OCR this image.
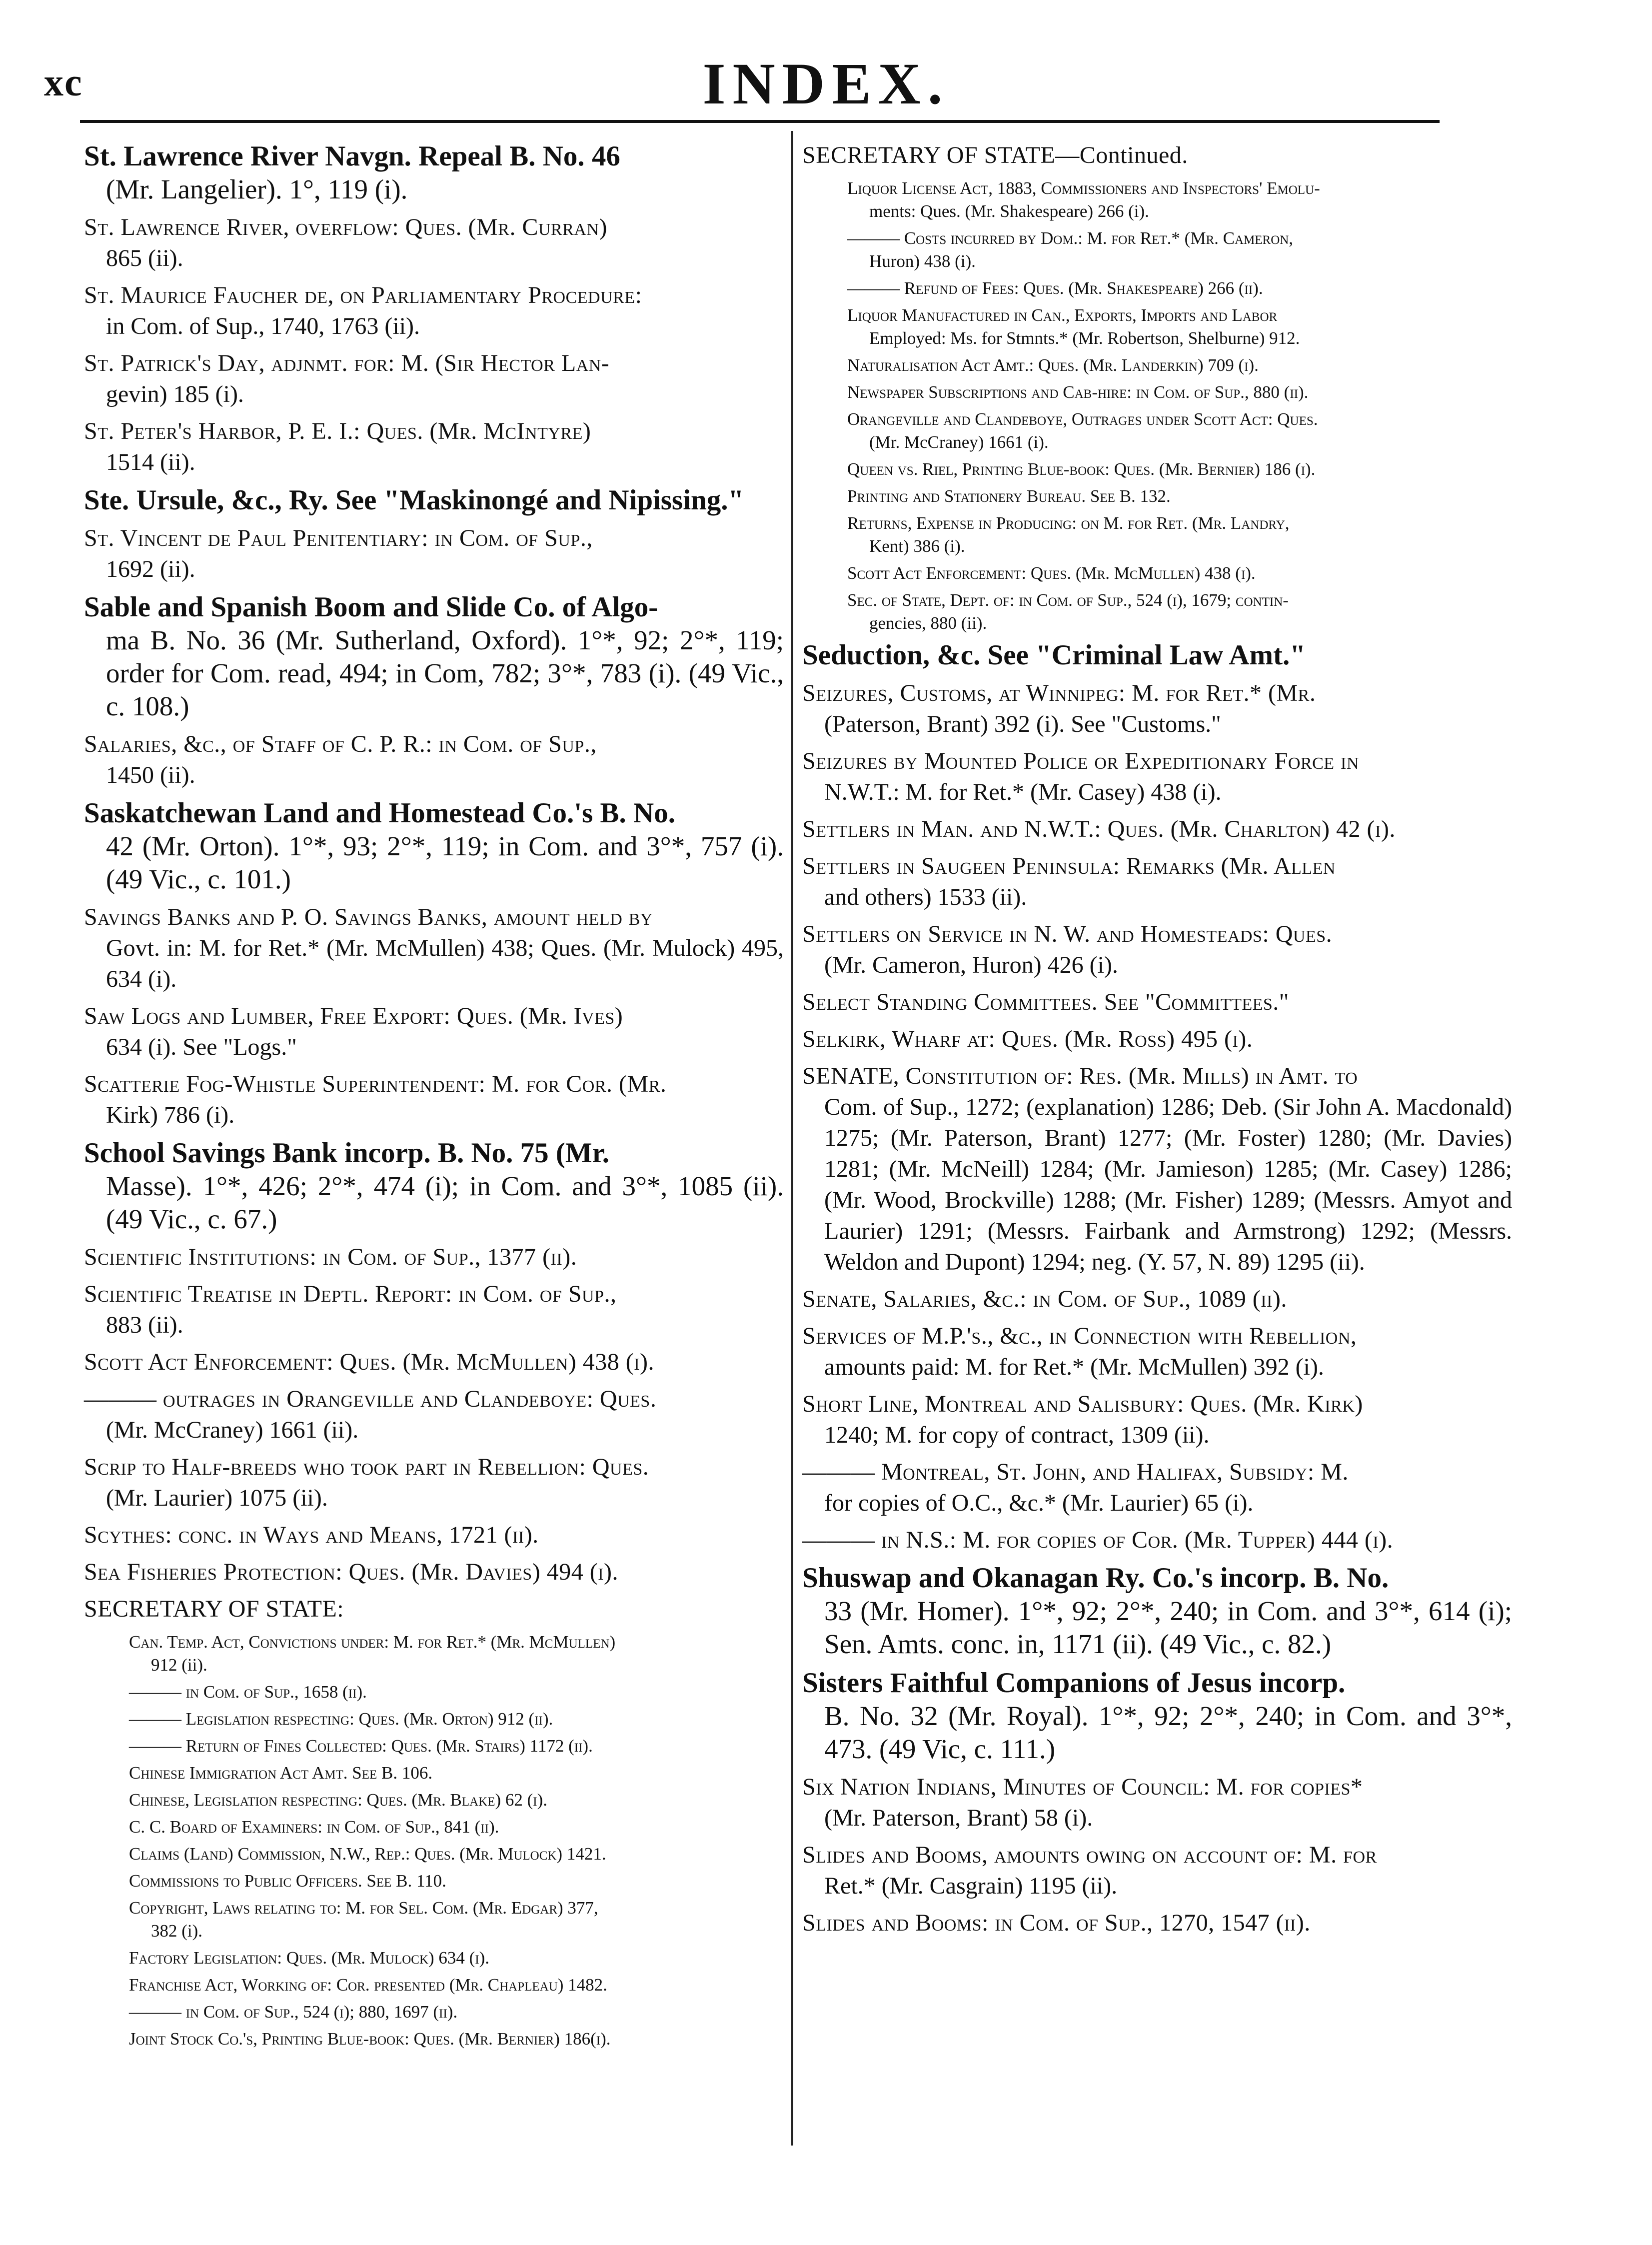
xc	INDEX.
St. Lawrence River Navgn. Repeal B. No. 46
(Mr. Langelier). 1°, 119 (i).
St. Lawrence River, overflow: Ques. (Mr. Curran)
865 (ii).
St. Maurice Faucher de, on Parliamentary Procedure:
in Com. of Sup., 1740, 1763 (ii).
St. Patrick's Day, adjnmt. for: M. (Sir Hector Lan-
gevin) 185 (i).
St. Peter's Harbor, P. E. I.: Ques. (Mr. McIntyre)
1514 (ii).
Ste. Ursule, &c., Ry. See "Maskinongé and Nipissing."
St. Vincent de Paul Penitentiary: in Com. of Sup.,
1692 (ii).
Sable and Spanish Boom and Slide Co. of Algo-
ma B. No. 36 (Mr. Sutherland, Oxford). 1°*, 92; 2°*, 119; order for Com. read, 494; in Com, 782; 3°*, 783 (i). (49 Vic., c. 108.)
Salaries, &c., of Staff of C. P. R.: in Com. of Sup.,
1450 (ii).
Saskatchewan Land and Homestead Co.'s B. No.
42 (Mr. Orton). 1°*, 93; 2°*, 119; in Com. and 3°*, 757 (i). (49 Vic., c. 101.)
Savings Banks and P. O. Savings Banks, amount held by
Govt. in: M. for Ret.* (Mr. McMullen) 438; Ques. (Mr. Mulock) 495, 634 (i).
Saw Logs and Lumber, Free Export: Ques. (Mr. Ives)
634 (i). See "Logs."
Scatterie Fog-Whistle Superintendent: M. for Cor. (Mr.
Kirk) 786 (i).
School Savings Bank incorp. B. No. 75 (Mr.
Masse). 1°*, 426; 2°*, 474 (i); in Com. and 3°*, 1085 (ii). (49 Vic., c. 67.)
Scientific Institutions: in Com. of Sup., 1377 (ii).
Scientific Treatise in Deptl. Report: in Com. of Sup.,
883 (ii).
Scott Act Enforcement: Ques. (Mr. McMullen) 438 (i).
——— outrages in Orangeville and Clandeboye: Ques.
(Mr. McCraney) 1661 (ii).
Scrip to Half-breeds who took part in Rebellion: Ques.
(Mr. Laurier) 1075 (ii).
Scythes: conc. in Ways and Means, 1721 (ii).
Sea Fisheries Protection: Ques. (Mr. Davies) 494 (i).
SECRETARY OF STATE:
Can. Temp. Act, Convictions under: M. for Ret.* (Mr. McMullen)
912 (ii).
——— in Com. of Sup., 1658 (ii).
——— Legislation respecting: Ques. (Mr. Orton) 912 (ii).
——— Return of Fines Collected: Ques. (Mr. Stairs) 1172 (ii).
Chinese Immigration Act Amt. See B. 106.
Chinese, Legislation respecting: Ques. (Mr. Blake) 62 (i).
C. C. Board of Examiners: in Com. of Sup., 841 (ii).
Claims (Land) Commission, N.W., Rep.: Ques. (Mr. Mulock) 1421.
Commissions to Public Officers. See B. 110.
Copyright, Laws relating to: M. for Sel. Com. (Mr. Edgar) 377,
382 (i).
Factory Legislation: Ques. (Mr. Mulock) 634 (i).
Franchise Act, Working of: Cor. presented (Mr. Chapleau) 1482.
——— in Com. of Sup., 524 (i); 880, 1697 (ii).
Joint Stock Co.'s, Printing Blue-book: Ques. (Mr. Bernier) 186(i).
SECRETARY OF STATE—Continued.
Liquor License Act, 1883, Commissioners and Inspectors' Emolu-
ments: Ques. (Mr. Shakespeare) 266 (i).
——— Costs incurred by Dom.: M. for Ret.* (Mr. Cameron,
Huron) 438 (i).
——— Refund of Fees: Ques. (Mr. Shakespeare) 266 (ii).
Liquor Manufactured in Can., Exports, Imports and Labor
Employed: Ms. for Stmnts.* (Mr. Robertson, Shelburne) 912.
Naturalisation Act Amt.: Ques. (Mr. Landerkin) 709 (i).
Newspaper Subscriptions and Cab-hire: in Com. of Sup., 880 (ii).
Orangeville and Clandeboye, Outrages under Scott Act: Ques.
(Mr. McCraney) 1661 (i).
Queen vs. Riel, Printing Blue-book: Ques. (Mr. Bernier) 186 (i).
Printing and Stationery Bureau. See B. 132.
Returns, Expense in Producing: on M. for Ret. (Mr. Landry,
Kent) 386 (i).
Scott Act Enforcement: Ques. (Mr. McMullen) 438 (i).
Sec. of State, Dept. of: in Com. of Sup., 524 (i), 1679; contin-
gencies, 880 (ii).
Seduction, &c. See "Criminal Law Amt."
Seizures, Customs, at Winnipeg: M. for Ret.* (Mr.
(Paterson, Brant) 392 (i). See "Customs."
Seizures by Mounted Police or Expeditionary Force in
N.W.T.: M. for Ret.* (Mr. Casey) 438 (i).
Settlers in Man. and N.W.T.: Ques. (Mr. Charlton) 42 (i).
Settlers in Saugeen Peninsula: Remarks (Mr. Allen
and others) 1533 (ii).
Settlers on Service in N. W. and Homesteads: Ques.
(Mr. Cameron, Huron) 426 (i).
Select Standing Committees. See "Committees."
Selkirk, Wharf at: Ques. (Mr. Ross) 495 (i).
SENATE, Constitution of: Res. (Mr. Mills) in Amt. to
Com. of Sup., 1272; (explanation) 1286; Deb. (Sir John A. Macdonald) 1275; (Mr. Paterson, Brant) 1277; (Mr. Foster) 1280; (Mr. Davies) 1281; (Mr. McNeill) 1284; (Mr. Jamieson) 1285; (Mr. Casey) 1286; (Mr. Wood, Brockville) 1288; (Mr. Fisher) 1289; (Messrs. Amyot and Laurier) 1291; (Messrs. Fairbank and Armstrong) 1292; (Messrs. Weldon and Dupont) 1294; neg. (Y. 57, N. 89) 1295 (ii).
Senate, Salaries, &c.: in Com. of Sup., 1089 (ii).
Services of M.P.'s., &c., in Connection with Rebellion,
amounts paid: M. for Ret.* (Mr. McMullen) 392 (i).
Short Line, Montreal and Salisbury: Ques. (Mr. Kirk)
1240; M. for copy of contract, 1309 (ii).
——— Montreal, St. John, and Halifax, Subsidy: M.
for copies of O.C., &c.* (Mr. Laurier) 65 (i).
——— in N.S.: M. for copies of Cor. (Mr. Tupper) 444 (i).
Shuswap and Okanagan Ry. Co.'s incorp. B. No.
33 (Mr. Homer). 1°*, 92; 2°*, 240; in Com. and 3°*, 614 (i); Sen. Amts. conc. in, 1171 (ii). (49 Vic., c. 82.)
Sisters Faithful Companions of Jesus incorp.
B. No. 32 (Mr. Royal). 1°*, 92; 2°*, 240; in Com. and 3°*, 473. (49 Vic, c. 111.)
Six Nation Indians, Minutes of Council: M. for copies*
(Mr. Paterson, Brant) 58 (i).
Slides and Booms, amounts owing on account of: M. for
Ret.* (Mr. Casgrain) 1195 (ii).
Slides and Booms: in Com. of Sup., 1270, 1547 (ii).
